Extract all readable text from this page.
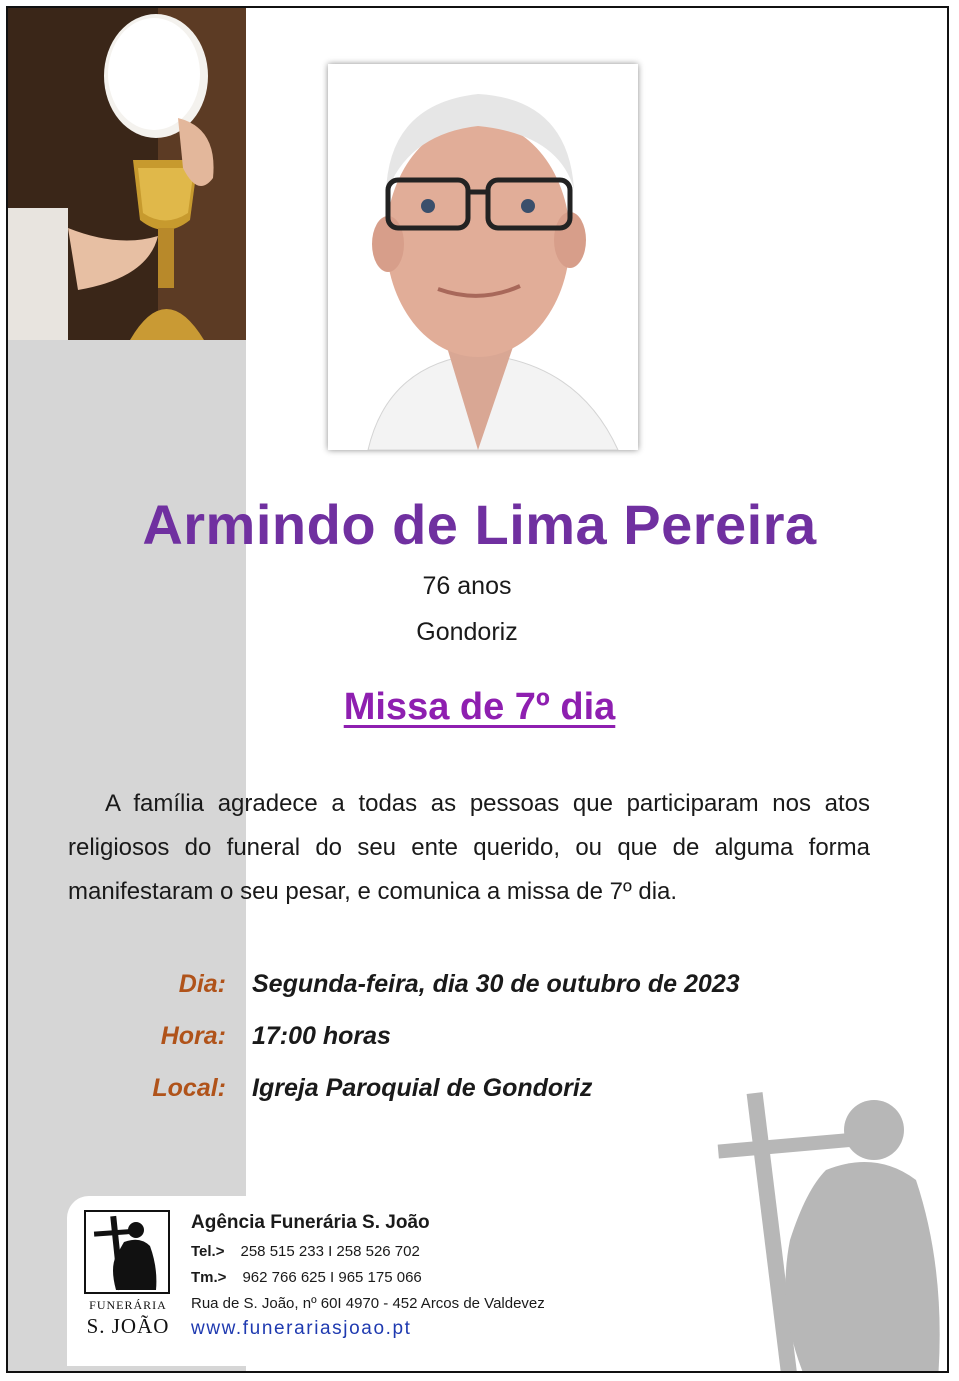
Armindo de Lima Pereira
76 anos
Gondoriz
Missa de 7º dia
A família agradece a todas as pessoas que participaram nos atos religiosos do funeral do seu ente querido, ou que de alguma forma manifestaram o seu pesar, e comunica a missa de 7º dia.
Dia: Segunda-feira, dia 30 de outubro de 2023
Hora: 17:00 horas
Local: Igreja Paroquial de Gondoriz
FUNERÁRIA
S. JOÃO
Agência Funerária S. João
Tel.> 258 515 233 I 258 526 702
Tm.> 962 766 625 I 965 175 066
Rua de S. João, nº 60I 4970 - 452 Arcos de Valdevez
www.funerariasjoao.pt
